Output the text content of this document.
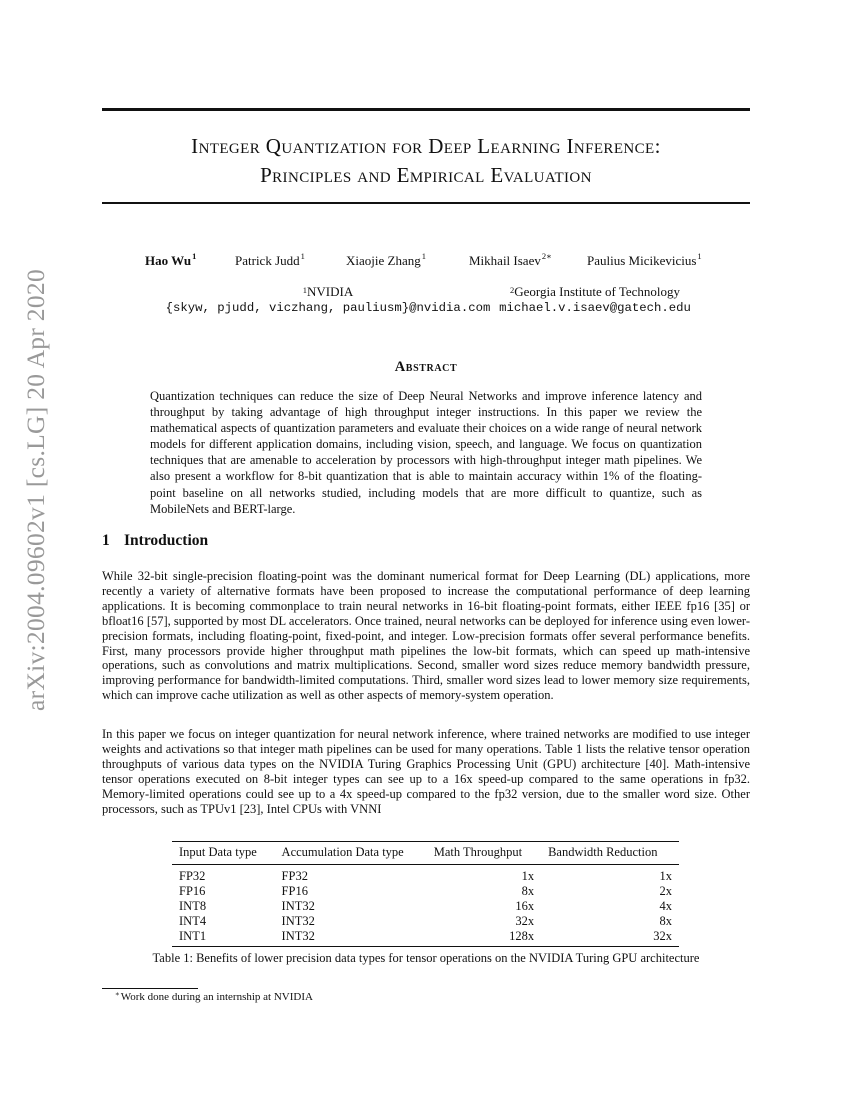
arXiv:2004.09602v1 [cs.LG] 20 Apr 2020
Integer Quantization for Deep Learning Inference:
Principles and Empirical Evaluation
Hao Wu$^1$	Patrick Judd$^1$	Xiaojie Zhang$^1$	Mikhail Isaev$^{2∗}$	Paulius Micikevicius$^1$
$^1$NVIDIA
{skyw, pjudd, viczhang, pauliusm}@nvidia.com
$^2$Georgia Institute of Technology
michael.v.isaev@gatech.edu
Abstract

Quantization techniques can reduce the size of Deep Neural Networks and improve inference latency and throughput by taking advantage of high throughput integer instructions. In this paper we review the mathematical aspects of quantization parameters and evaluate their choices on a wide range of neural network models for different application domains, including vision, speech, and language. We focus on quantization techniques that are amenable to acceleration by processors with high-throughput integer math pipelines. We also present a workflow for 8-bit quantization that is able to maintain accuracy within 1% of the floating-point baseline on all networks studied, including models that are more difficult to quantize, such as MobileNets and BERT-large.

1 Introduction

While 32-bit single-precision floating-point was the dominant numerical format for Deep Learning (DL) applications, more recently a variety of alternative formats have been proposed to increase the computational performance of deep learning applications. It is becoming commonplace to train neural networks in 16-bit floating-point formats, either IEEE fp16 [35] or bfloat16 [57], supported by most DL accelerators. Once trained, neural networks can be deployed for inference using even lower-precision formats, including floating-point, fixed-point, and integer. Low-precision formats offer several performance benefits. First, many processors provide higher throughput math pipelines the low-bit formats, which can speed up math-intensive operations, such as convolutions and matrix multiplications. Second, smaller word sizes reduce memory bandwidth pressure, improving performance for bandwidth-limited computations. Third, smaller word sizes lead to lower memory size requirements, which can improve cache utilization as well as other aspects of memory-system operation.

In this paper we focus on integer quantization for neural network inference, where trained networks are modified to use integer weights and activations so that integer math pipelines can be used for many operations. Table 1 lists the relative tensor operation throughputs of various data types on the NVIDIA Turing Graphics Processing Unit (GPU) architecture [40]. Math-intensive tensor operations executed on 8-bit integer types can see up to a 16x speed-up compared to the same operations in fp32. Memory-limited operations could see up to a 4x speed-up compared to the fp32 version, due to the smaller word size. Other processors, such as TPUv1 [23], Intel CPUs with VNNI

Input Data type	Accumulation Data type	Math Throughput	Bandwidth Reduction
FP32	FP32	1x	1x
FP16	FP16	8x	2x
INT8	INT32	16x	4x
INT4	INT32	32x	8x
INT1	INT32	128x	32x
Table 1: Benefits of lower precision data types for tensor operations on the NVIDIA Turing GPU architecture
∗Work done during an internship at NVIDIA
